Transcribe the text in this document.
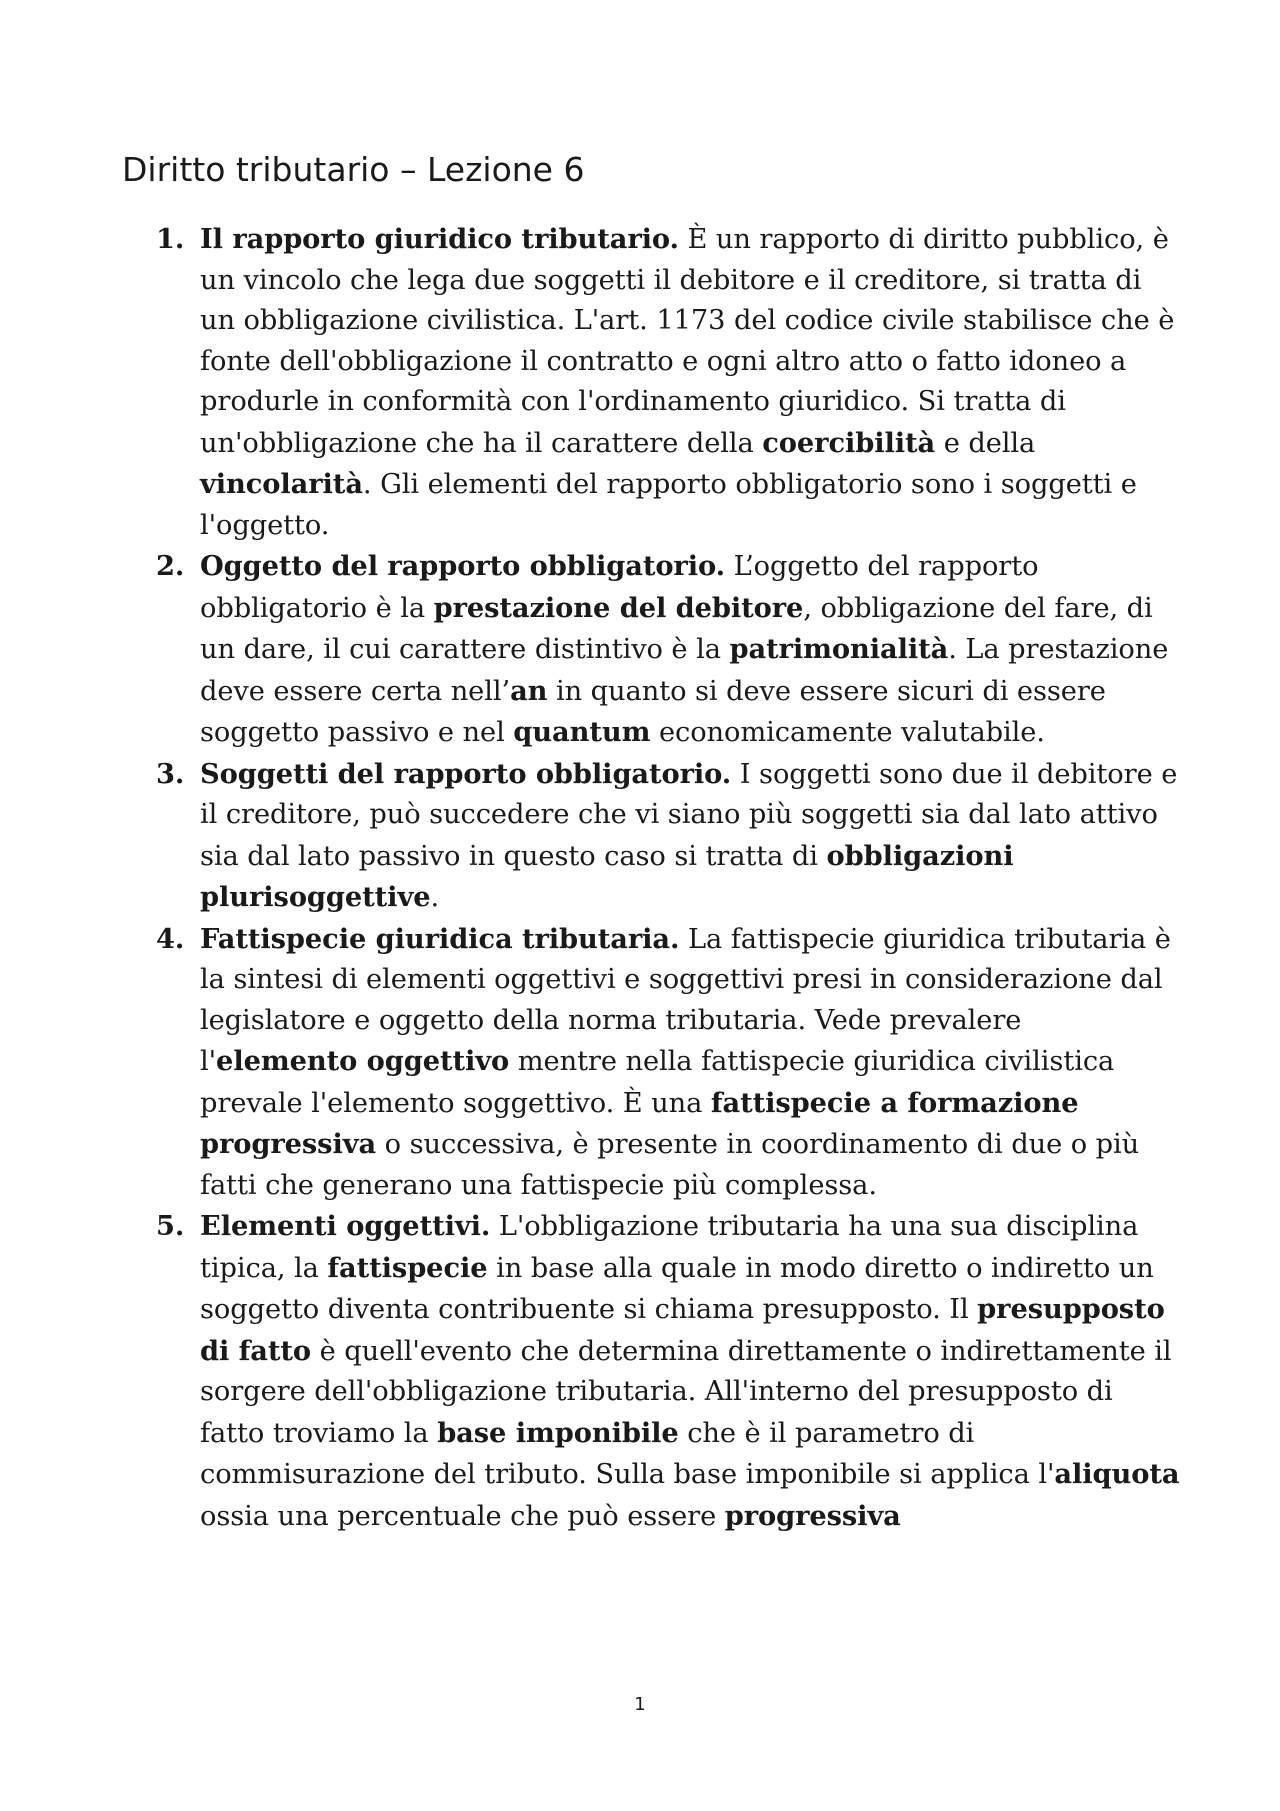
Diritto tributario – Lezione 6
1. Il rapporto giuridico tributario. È un rapporto di diritto pubblico, è un vincolo che lega due soggetti il debitore e il creditore, si tratta di un obbligazione civilistica. L'art. 1173 del codice civile stabilisce che è fonte dell'obbligazione il contratto e ogni altro atto o fatto idoneo a produrle in conformità con l'ordinamento giuridico. Si tratta di un'obbligazione che ha il carattere della coercibilità e della vincolarità. Gli elementi del rapporto obbligatorio sono i soggetti e l'oggetto.
2. Oggetto del rapporto obbligatorio. L’oggetto del rapporto obbligatorio è la prestazione del debitore, obbligazione del fare, di un dare, il cui carattere distintivo è la patrimonialità. La prestazione deve essere certa nell’an in quanto si deve essere sicuri di essere soggetto passivo e nel quantum economicamente valutabile.
3. Soggetti del rapporto obbligatorio. I soggetti sono due il debitore e il creditore, può succedere che vi siano più soggetti sia dal lato attivo sia dal lato passivo in questo caso si tratta di obbligazioni plurisoggettive.
4. Fattispecie giuridica tributaria. La fattispecie giuridica tributaria è la sintesi di elementi oggettivi e soggettivi presi in considerazione dal legislatore e oggetto della norma tributaria. Vede prevalere l'elemento oggettivo mentre nella fattispecie giuridica civilistica prevale l'elemento soggettivo. È una fattispecie a formazione progressiva o successiva, è presente in coordinamento di due o più fatti che generano una fattispecie più complessa.
5. Elementi oggettivi. L'obbligazione tributaria ha una sua disciplina tipica, la fattispecie in base alla quale in modo diretto o indiretto un soggetto diventa contribuente si chiama presupposto. Il presupposto di fatto è quell'evento che determina direttamente o indirettamente il sorgere dell'obbligazione tributaria. All'interno del presupposto di fatto troviamo la base imponibile che è il parametro di commisurazione del tributo. Sulla base imponibile si applica l'aliquota ossia una percentuale che può essere progressiva
1
